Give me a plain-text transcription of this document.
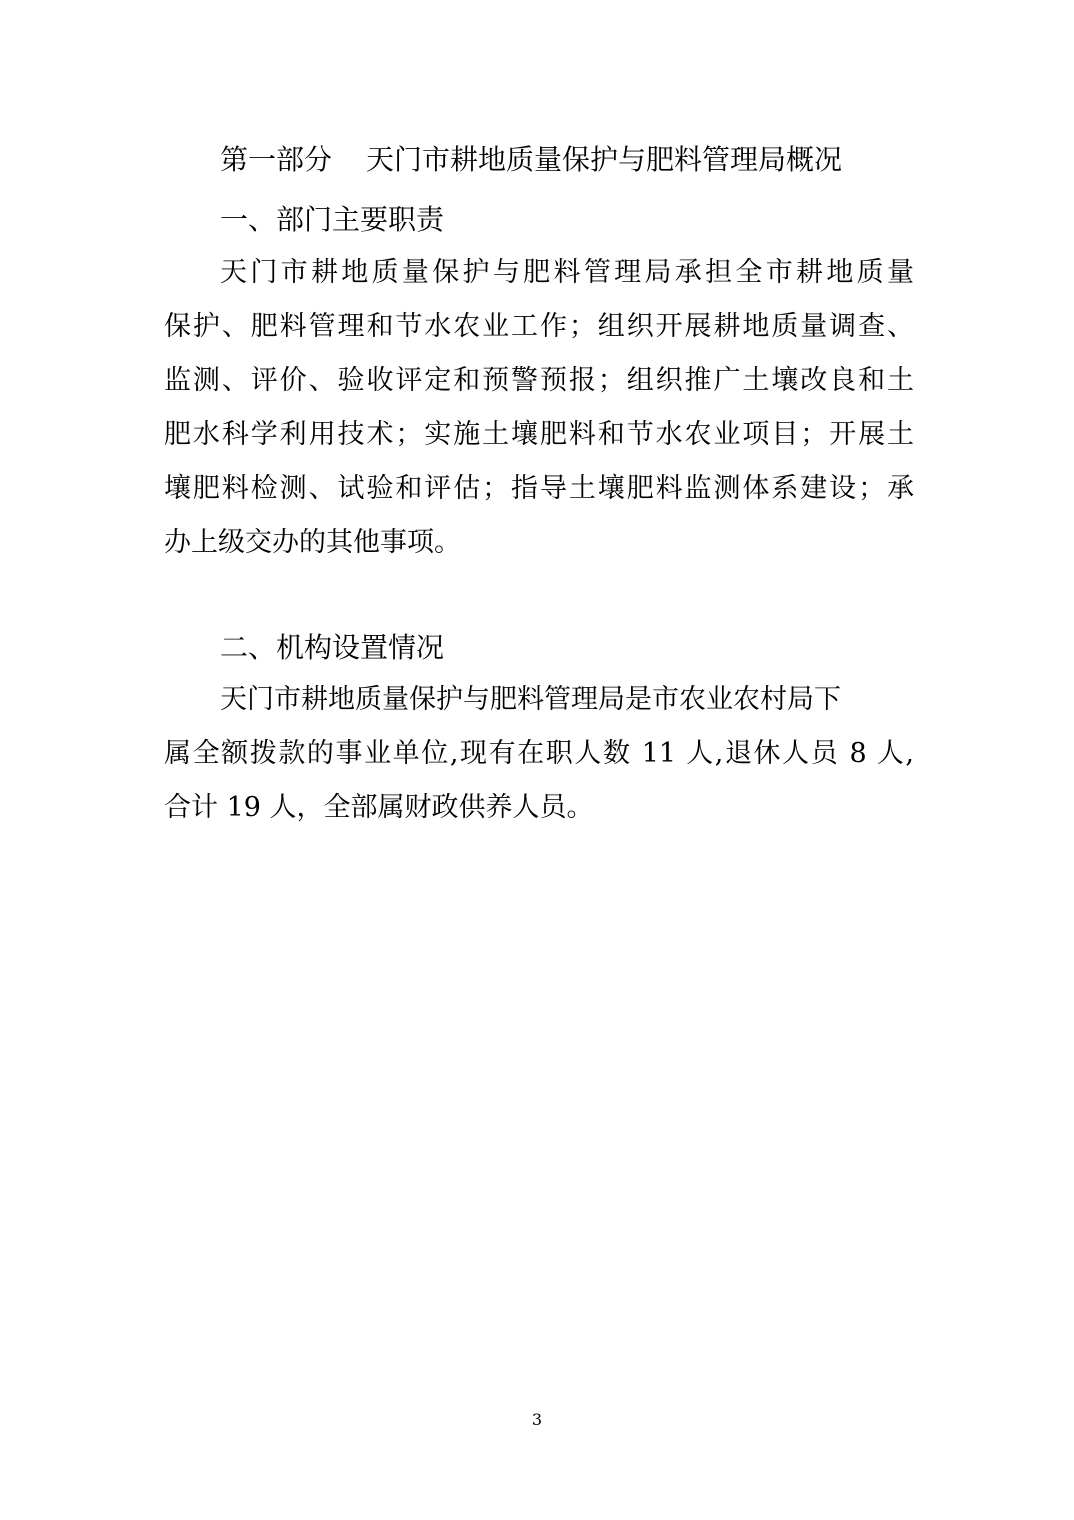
第一部分 天门市耕地质量保护与肥料管理局概况
一、部门主要职责
天门市耕地质量保护与肥料管理局承担全市耕地质量
保护、肥料管理和节水农业工作；组织开展耕地质量调查、
监测、评价、验收评定和预警预报；组织推广土壤改良和土
肥水科学利用技术；实施土壤肥料和节水农业项目；开展土
壤肥料检测、试验和评估；指导土壤肥料监测体系建设；承
办上级交办的其他事项。
二、机构设置情况
天门市耕地质量保护与肥料管理局是市农业农村局下
属全额拨款的事业单位,现有在职人数 11 人,退休人员 8 人,
合计 19 人，全部属财政供养人员。
3
